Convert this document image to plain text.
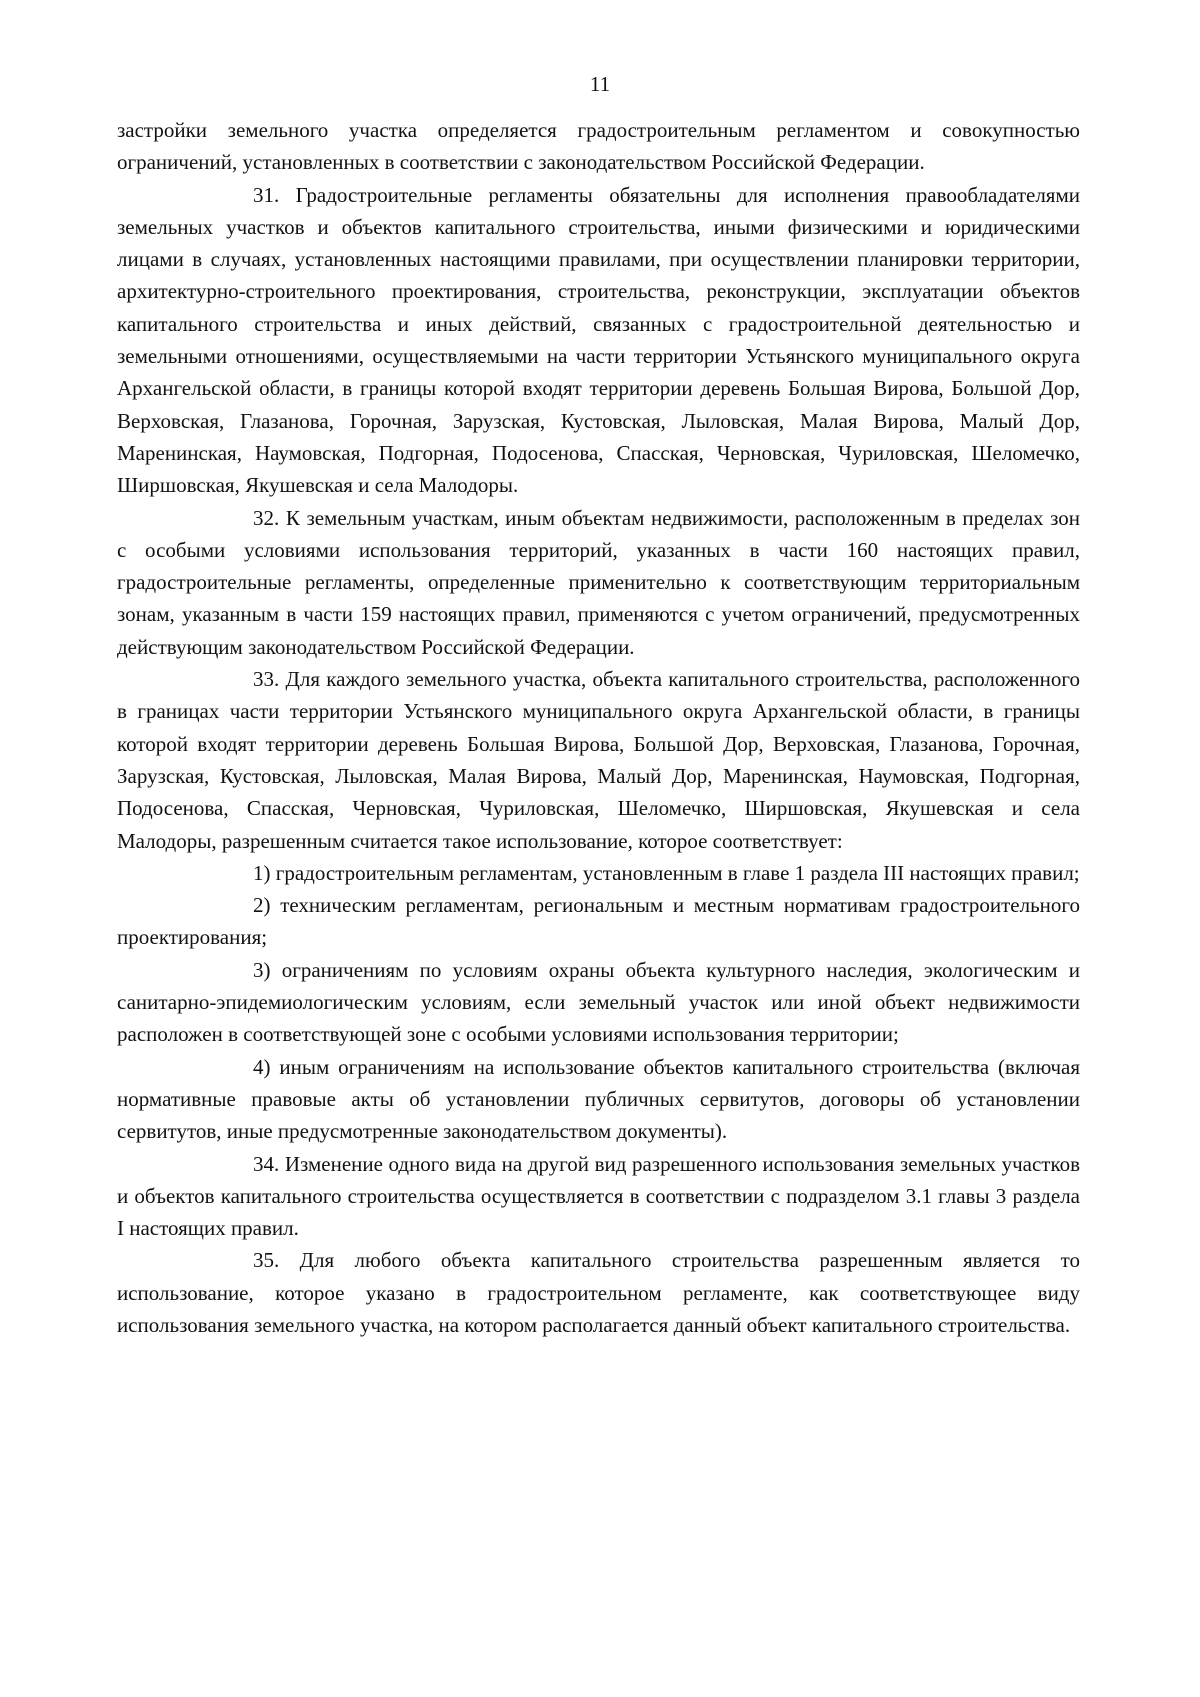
11

застройки земельного участка определяется градостроительным регламентом и совокупностью ограничений, установленных в соответствии с законодательством Российской Федерации.

31. Градостроительные регламенты обязательны для исполнения правообладателями земельных участков и объектов капитального строительства, иными физическими и юридическими лицами в случаях, установленных настоящими правилами, при осуществлении планировки территории, архитектурно-строительного проектирования, строительства, реконструкции, эксплуатации объектов капитального строительства и иных действий, связанных с градостроительной деятельностью и земельными отношениями, осуществляемыми на части территории Устьянского муниципального округа Архангельской области, в границы которой входят территории деревень Большая Вирова, Большой Дор, Верховская, Глазанова, Горочная, Зарузская, Кустовская, Лыловская, Малая Вирова, Малый Дор, Маренинская, Наумовская, Подгорная, Подосенова, Спасская, Черновская, Чуриловская, Шеломечко, Ширшовская, Якушевская и села Малодоры.

32. К земельным участкам, иным объектам недвижимости, расположенным в пределах зон с особыми условиями использования территорий, указанных в части 160 настоящих правил, градостроительные регламенты, определенные применительно к соответствующим территориальным зонам, указанным в части 159 настоящих правил, применяются с учетом ограничений, предусмотренных действующим законодательством Российской Федерации.

33. Для каждого земельного участка, объекта капитального строительства, расположенного в границах части территории Устьянского муниципального округа Архангельской области, в границы которой входят территории деревень Большая Вирова, Большой Дор, Верховская, Глазанова, Горочная, Зарузская, Кустовская, Лыловская, Малая Вирова, Малый Дор, Маренинская, Наумовская, Подгорная, Подосенова, Спасская, Черновская, Чуриловская, Шеломечко, Ширшовская, Якушевская и села Малодоры, разрешенным считается такое использование, которое соответствует:

1) градостроительным регламентам, установленным в главе 1 раздела III настоящих правил;

2) техническим регламентам, региональным и местным нормативам градостроительного проектирования;

3) ограничениям по условиям охраны объекта культурного наследия, экологическим и санитарно-эпидемиологическим условиям, если земельный участок или иной объект недвижимости расположен в соответствующей зоне с особыми условиями использования территории;

4) иным ограничениям на использование объектов капитального строительства (включая нормативные правовые акты об установлении публичных сервитутов, договоры об установлении сервитутов, иные предусмотренные законодательством документы).

34. Изменение одного вида на другой вид разрешенного использования земельных участков и объектов капитального строительства осуществляется в соответствии с подразделом 3.1 главы 3 раздела I настоящих правил.

35. Для любого объекта капитального строительства разрешенным является то использование, которое указано в градостроительном регламенте, как соответствующее виду использования земельного участка, на котором располагается данный объект капитального строительства.
